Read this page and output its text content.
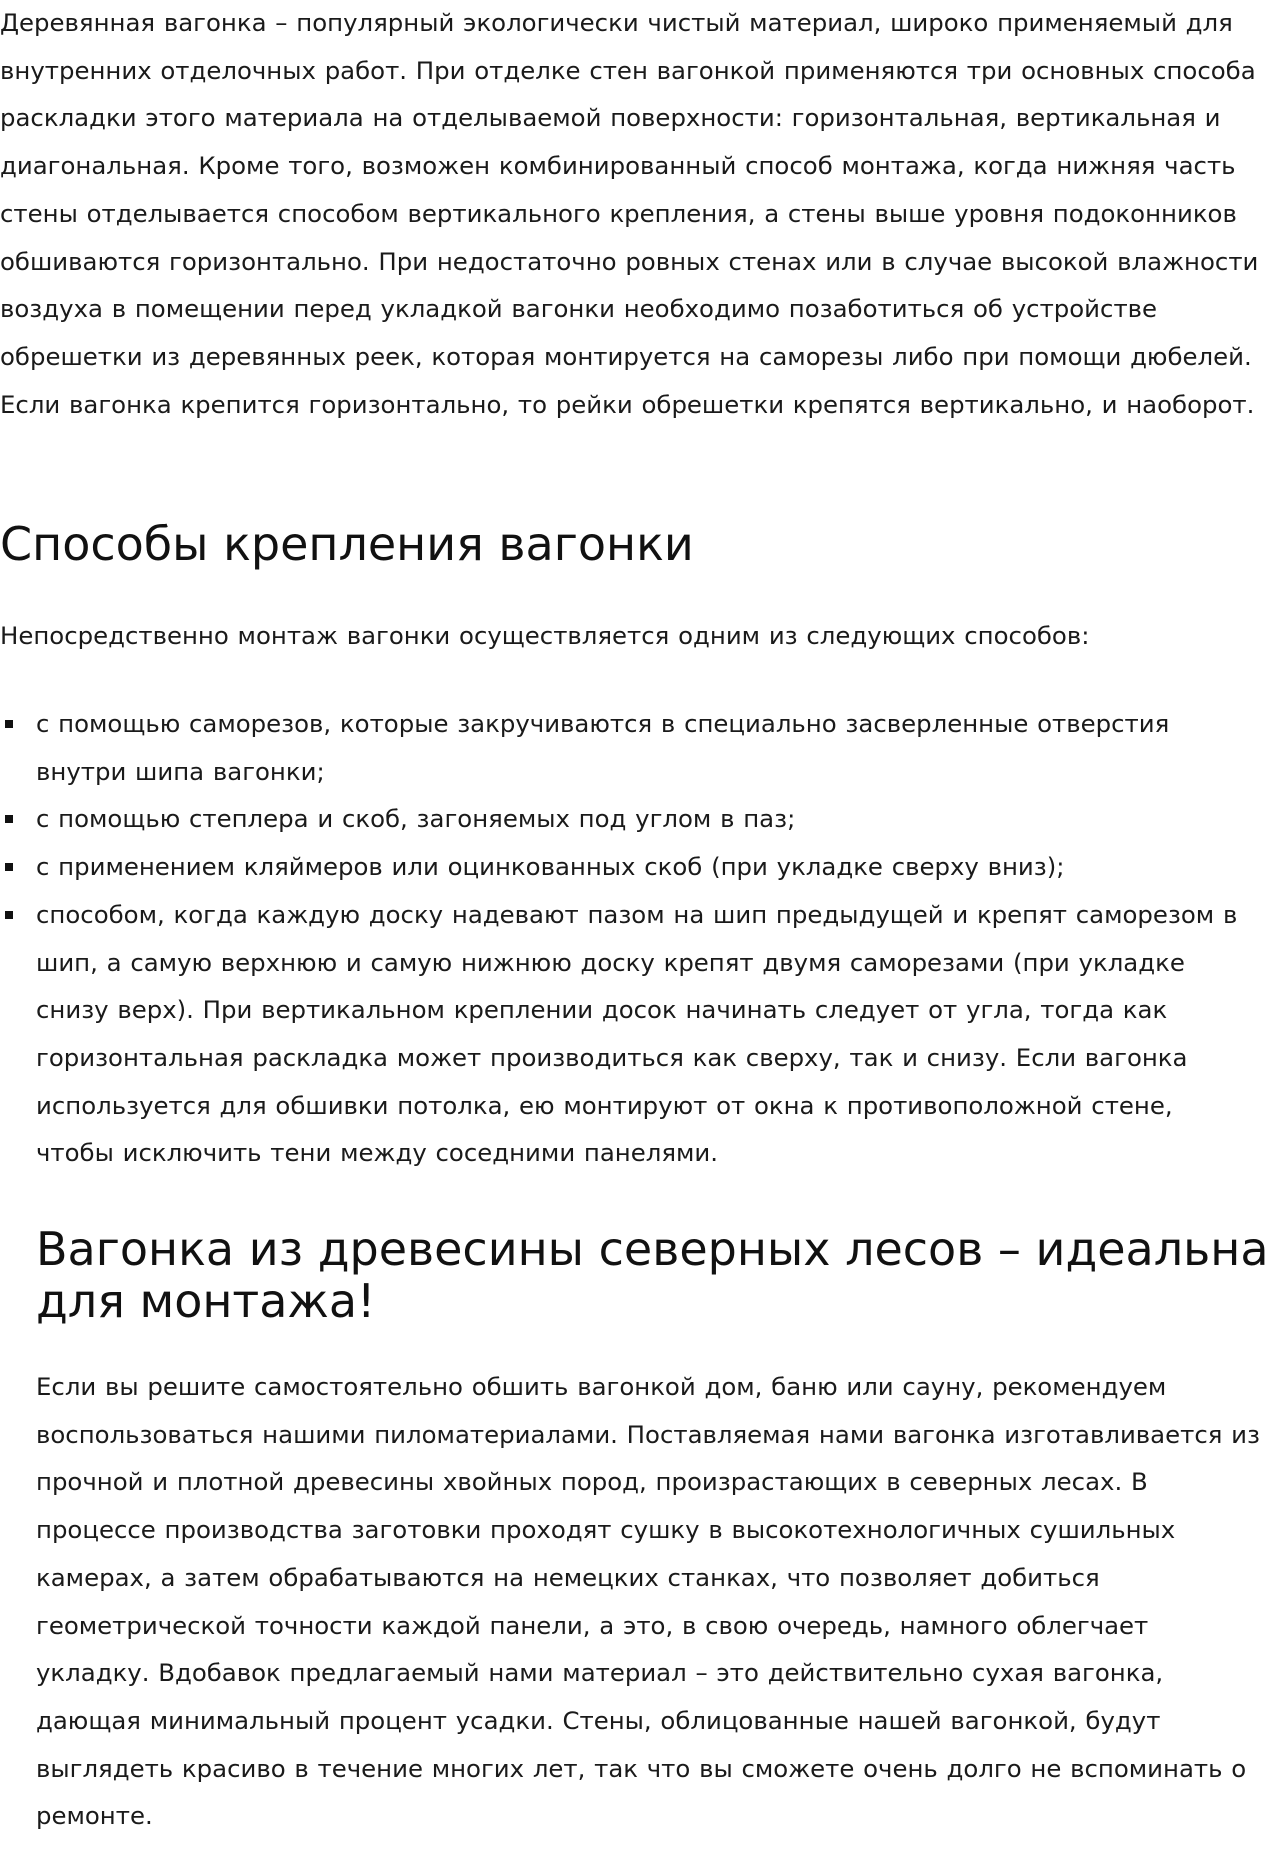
Деревянная вагонка – популярный экологически чистый материал, широко применяемый для внутренних отделочных работ. При отделке стен вагонкой применяются три основных способа раскладки этого материала на отделываемой поверхности: горизонтальная, вертикальная и диагональная. Кроме того, возможен комбинированный способ монтажа, когда нижняя часть стены отделывается способом вертикального крепления, а стены выше уровня подоконников обшиваются горизонтально. При недостаточно ровных стенах или в случае высокой влажности воздуха в помещении перед укладкой вагонки необходимо позаботиться об устройстве обрешетки из деревянных реек, которая монтируется на саморезы либо при помощи дюбелей. Если вагонка крепится горизонтально, то рейки обрешетки крепятся вертикально, и наоборот.

Способы крепления вагонки

Непосредственно монтаж вагонки осуществляется одним из следующих способов:

с помощью саморезов, которые закручиваются в специально засверленные отверстия внутри шипа вагонки;
с помощью степлера и скоб, загоняемых под углом в паз;
с применением кляймеров или оцинкованных скоб (при укладке сверху вниз);
способом, когда каждую доску надевают пазом на шип предыдущей и крепят саморезом в шип, а самую верхнюю и самую нижнюю доску крепят двумя саморезами (при укладке снизу верх). При вертикальном креплении досок начинать следует от угла, тогда как горизонтальная раскладка может производиться как сверху, так и снизу. Если вагонка используется для обшивки потолка, ею монтируют от окна к противоположной стене, чтобы исключить тени между соседними панелями.
Вагонка из древесины северных лесов – идеальна
для монтажа!

Если вы решите самостоятельно обшить вагонкой дом, баню или сауну, рекомендуем воспользоваться нашими пиломатериалами. Поставляемая нами вагонка изготавливается из прочной и плотной древесины хвойных пород, произрастающих в северных лесах. В процессе производства заготовки проходят сушку в высокотехнологичных сушильных камерах, а затем обрабатываются на немецких станках, что позволяет добиться геометрической точности каждой панели, а это, в свою очередь, намного облегчает укладку. Вдобавок предлагаемый нами материал – это действительно сухая вагонка, дающая минимальный процент усадки. Стены, облицованные нашей вагонкой, будут выглядеть красиво в течение многих лет, так что вы сможете очень долго не вспоминать о ремонте.
